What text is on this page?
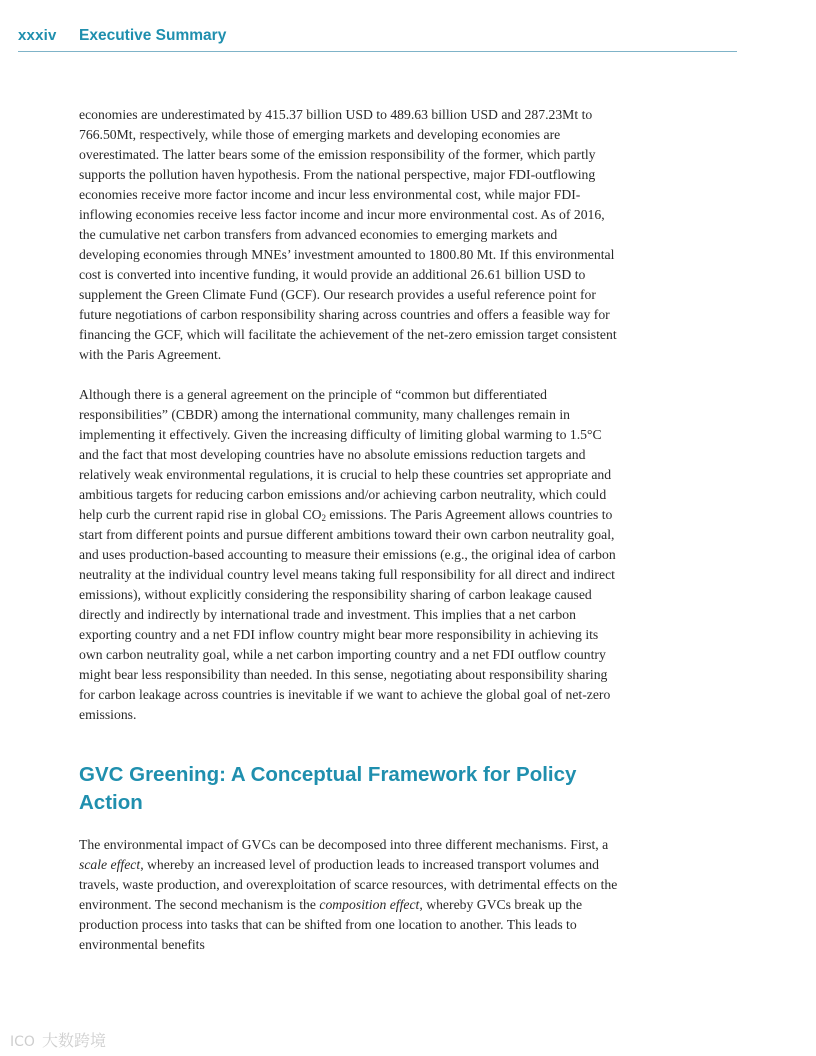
xxxiv Executive Summary

economies are underestimated by 415.37 billion USD to 489.63 billion USD and 287.23Mt to 766.50Mt, respectively, while those of emerging markets and developing economies are overestimated. The latter bears some of the emission responsibility of the former, which partly supports the pollution haven hypothesis. From the national perspective, major FDI-outflowing economies receive more factor income and incur less environmental cost, while major FDI-inflowing economies receive less factor income and incur more environmental cost. As of 2016, the cumulative net carbon transfers from advanced economies to emerging markets and developing economies through MNEs’ investment amounted to 1800.80 Mt. If this environmental cost is converted into incentive funding, it would provide an additional 26.61 billion USD to supplement the Green Climate Fund (GCF). Our research provides a useful reference point for future negotiations of carbon responsibility sharing across countries and offers a feasible way for financing the GCF, which will facilitate the achievement of the net-zero emission target consistent with the Paris Agreement.

Although there is a general agreement on the principle of “common but differentiated responsibilities” (CBDR) among the international community, many challenges remain in implementing it effectively. Given the increasing difficulty of limiting global warming to 1.5°C and the fact that most developing countries have no absolute emissions reduction targets and relatively weak environmental regulations, it is crucial to help these countries set appropriate and ambitious targets for reducing carbon emissions and/or achieving carbon neutrality, which could help curb the current rapid rise in global $CO_2$ emissions. The Paris Agreement allows countries to start from different points and pursue different ambitions toward their own carbon neutrality goal, and uses production-based accounting to measure their emissions (e.g., the original idea of carbon neutrality at the individual country level means taking full responsibility for all direct and indirect emissions), without explicitly considering the responsibility sharing of carbon leakage caused directly and indirectly by international trade and investment. This implies that a net carbon exporting country and a net FDI inflow country might bear more responsibility in achieving its own carbon neutrality goal, while a net carbon importing country and a net FDI outflow country might bear less responsibility than needed. In this sense, negotiating about responsibility sharing for carbon leakage across countries is inevitable if we want to achieve the global goal of net-zero emissions.

GVC Greening: A Conceptual Framework for Policy Action

The environmental impact of GVCs can be decomposed into three different mechanisms. First, a scale effect, whereby an increased level of production leads to increased transport volumes and travels, waste production, and overexploitation of scarce resources, with detrimental effects on the environment. The second mechanism is the composition effect, whereby GVCs break up the production process into tasks that can be shifted from one location to another. This leads to environmental benefits

ICO 大数跨境
